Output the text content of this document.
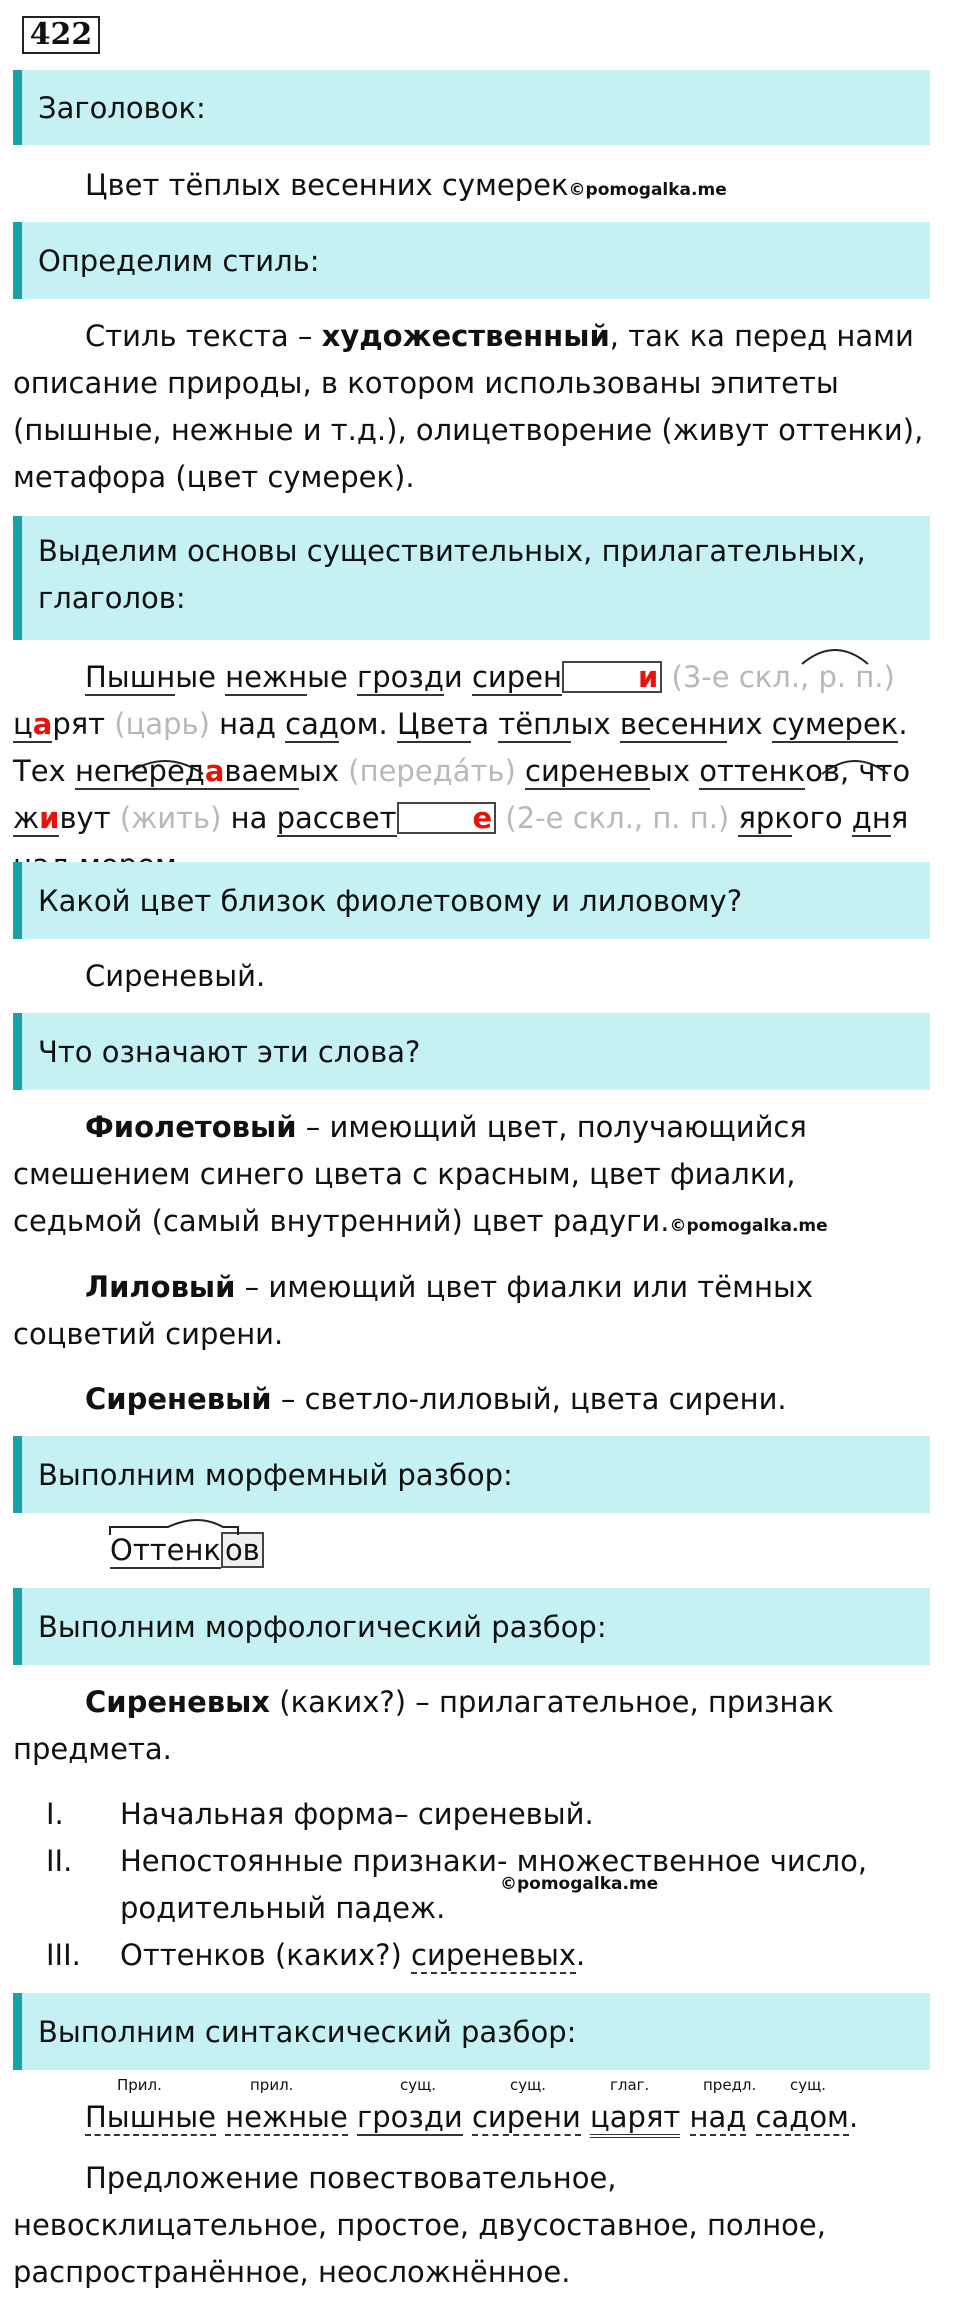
422
Заголовок:
Цвет тёплых весенних сумерек©pomogalka.me
Определим стиль:
Стиль текста – художественный, так ка перед нами описание природы, в котором использованы эпитеты (пышные, нежные и т.д.), олицетворение (живут оттенки), метафора (цвет сумерек).
Выделим основы существительных, прилагательных, глаголов:
Пышные нежные грозди сирен	и (3-е скл., р. п.) царят (царь) над садом. Цвета тёплых весенних сумерек. Тех непередаваемых (передáть) сиреневых оттенков, что живут (жить) на рассвет	е (2-е скл., п. п.) яркого дня
Какой цвет близок фиолетовому и лиловому?
Сиреневый.
Что означают эти слова?
Фиолетовый – имеющий цвет, получающийся смешением синего цвета с красным, цвет фиалки, седьмой (самый внутренний) цвет радуги.©pomogalka.me
Лиловый – имеющий цвет фиалки или тёмных соцветий сирени.
Сиреневый – светло-лиловый, цвета сирени.
Выполним морфемный разбор:
Оттенк ов
Выполним морфологический разбор:
Сиреневых (каких?) – прилагательное, признак предмета.
I.	Начальная форма– сиреневый.
II.	Непостоянные признаки- множественное число, родительный падеж.
III.	Оттенков (каких?) сиреневых.
©pomogalka.me
Выполним синтаксический разбор:
Прил.	прил.	сущ.	сущ.	глаг.	предл. сущ.
Пышные нежные грозди сирени царят над садом.
Предложение повествовательное, невосклицательное, простое, двусоставное, полное, распространённое, неосложнённое.
